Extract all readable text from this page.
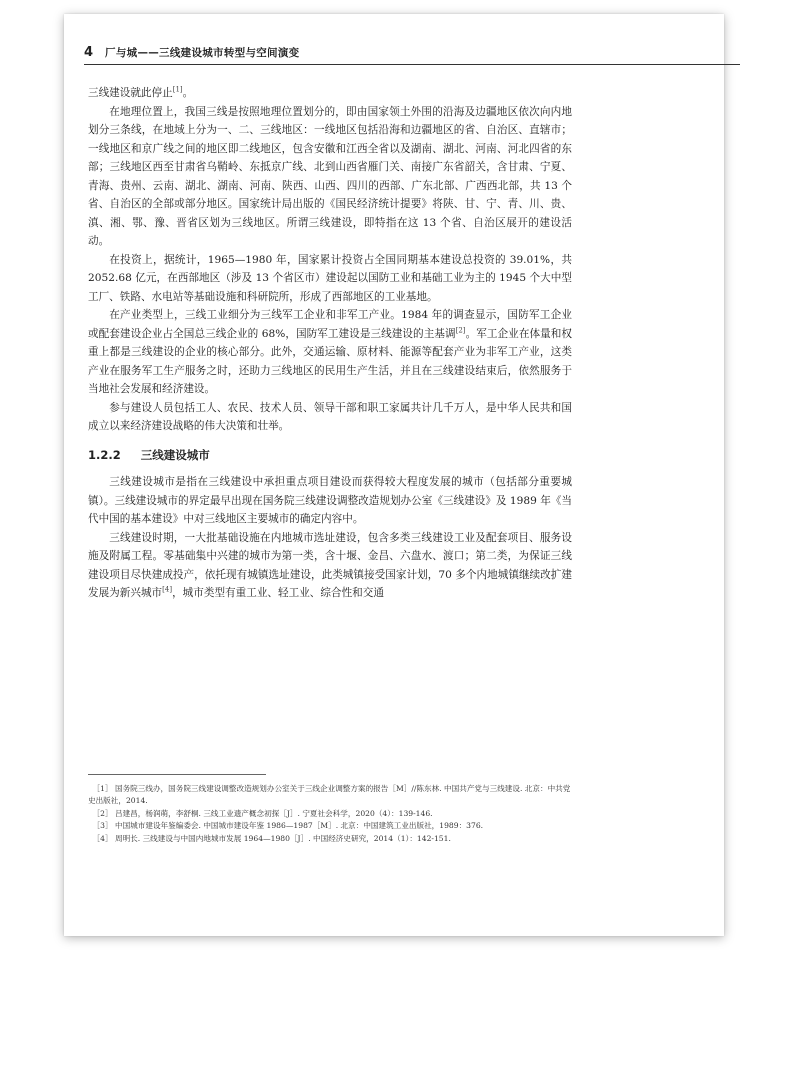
4 厂与城——三线建设城市转型与空间演变

三线建设就此停止[1]。

在地理位置上，我国三线是按照地理位置划分的，即由国家领土外围的沿海及边疆地区依次向内地划分三条线，在地域上分为一、二、三线地区：一线地区包括沿海和边疆地区的省、自治区、直辖市；一线地区和京广线之间的地区即二线地区，包含安徽和江西全省以及湖南、湖北、河南、河北四省的东部；三线地区西至甘肃省乌鞘岭、东抵京广线、北到山西省雁门关、南接广东省韶关，含甘肃、宁夏、青海、贵州、云南、湖北、湖南、河南、陕西、山西、四川的西部、广东北部、广西西北部，共 13 个省、自治区的全部或部分地区。国家统计局出版的《国民经济统计提要》将陕、甘、宁、青、川、贵、滇、湘、鄂、豫、晋省区划为三线地区。所谓三线建设，即特指在这 13 个省、自治区展开的建设活动。

在投资上，据统计，1965—1980 年，国家累计投资占全国同期基本建设总投资的 39.01%，共 2052.68 亿元，在西部地区（涉及 13 个省区市）建设起以国防工业和基础工业为主的 1945 个大中型工厂、铁路、水电站等基础设施和科研院所，形成了西部地区的工业基地。

在产业类型上，三线工业细分为三线军工企业和非军工产业。1984 年的调查显示，国防军工企业或配套建设企业占全国总三线企业的 68%，国防军工建设是三线建设的主基调[2]。军工企业在体量和权重上都是三线建设的企业的核心部分。此外，交通运输、原材料、能源等配套产业为非军工产业，这类产业在服务军工生产服务之时，还助力三线地区的民用生产生活，并且在三线建设结束后，依然服务于当地社会发展和经济建设。

参与建设人员包括工人、农民、技术人员、领导干部和职工家属共计几千万人，是中华人民共和国成立以来经济建设战略的伟大决策和壮举。

1.2.2 三线建设城市

三线建设城市是指在三线建设中承担重点项目建设而获得较大程度发展的城市（包括部分重要城镇）。三线建设城市的界定最早出现在国务院三线建设调整改造规划办公室《三线建设》及 1989 年《当代中国的基本建设》中对三线地区主要城市的确定内容中。

三线建设时期，一大批基础设施在内地城市选址建设，包含多类三线建设工业及配套项目、服务设施及附属工程。零基础集中兴建的城市为第一类，含十堰、金昌、六盘水、渡口；第二类，为保证三线建设项目尽快建成投产，依托现有城镇选址建设，此类城镇接受国家计划，70 多个内地城镇继续改扩建发展为新兴城市[4]，城市类型有重工业、轻工业、综合性和交通

［1］ 国务院三线办，国务院三线建设调整改造规划办公室关于三线企业调整方案的报告［M］//陈东林. 中国共产党与三线建设. 北京：中共党史出版社，2014.
［2］ 吕建昌，杨润萌，李舒桐. 三线工业遗产概念初探［J］. 宁夏社会科学，2020（4）：139-146.
［3］ 中国城市建设年鉴编委会. 中国城市建设年鉴 1986—1987［M］. 北京：中国建筑工业出版社，1989：376.
［4］ 周明长. 三线建设与中国内地城市发展 1964—1980［J］. 中国经济史研究，2014（1）：142-151.
